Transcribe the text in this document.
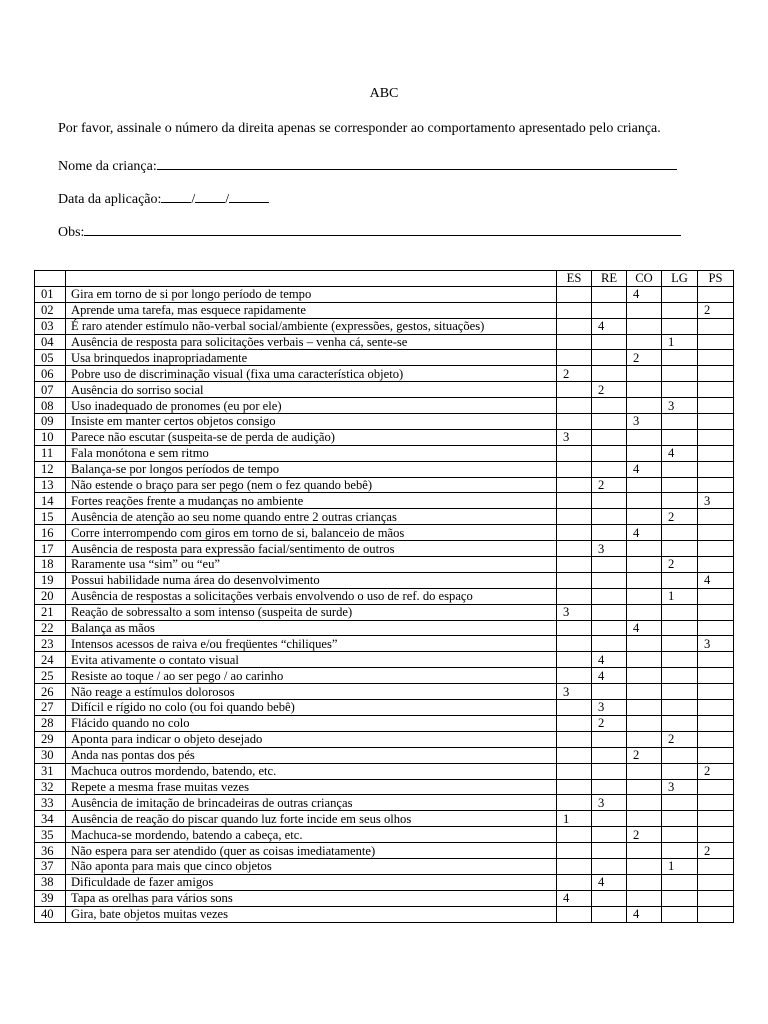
ABC
Por favor, assinale o número da direita apenas se corresponder ao comportamento apresentado pelo criança.
Nome da criança:
Data da aplicação: / /
Obs:
		ES	RE	CO	LG	PS
01	Gira em torno de si por longo período de tempo			4		
02	Aprende uma tarefa, mas esquece rapidamente					2
03	É raro atender estímulo não-verbal social/ambiente (expressões, gestos, situações)		4			
04	Ausência de resposta para solicitações verbais – venha cá, sente-se				1	
05	Usa brinquedos inapropriadamente			2		
06	Pobre uso de discriminação visual (fixa uma característica objeto)	2				
07	Ausência do sorriso social		2			
08	Uso inadequado de pronomes (eu por ele)				3	
09	Insiste em manter certos objetos consigo			3		
10	Parece não escutar (suspeita-se de perda de audição)	3				
11	Fala monótona e sem ritmo				4	
12	Balança-se por longos períodos de tempo			4		
13	Não estende o braço para ser pego (nem o fez quando bebê)		2			
14	Fortes reações frente a mudanças no ambiente					3
15	Ausência de atenção ao seu nome quando entre 2 outras crianças				2	
16	Corre interrompendo com giros em torno de si, balanceio de mãos			4		
17	Ausência de resposta para expressão facial/sentimento de outros		3			
18	Raramente usa “sim” ou “eu”				2	
19	Possui habilidade numa área do desenvolvimento					4
20	Ausência de respostas a solicitações verbais envolvendo o uso de ref. do espaço				1	
21	Reação de sobressalto a som intenso (suspeita de surde)	3				
22	Balança as mãos			4		
23	Intensos acessos de raiva e/ou freqüentes “chiliques”					3
24	Evita ativamente o contato visual		4			
25	Resiste ao toque / ao ser pego / ao carinho		4			
26	Não reage a estímulos dolorosos	3				
27	Difícil e rígido no colo (ou foi quando bebê)		3			
28	Flácido quando no colo		2			
29	Aponta para indicar o objeto desejado				2	
30	Anda nas pontas dos pés			2		
31	Machuca outros mordendo, batendo, etc.					2
32	Repete a mesma frase muitas vezes				3	
33	Ausência de imitação de brincadeiras de outras crianças		3			
34	Ausência de reação do piscar quando luz forte incide em seus olhos	1				
35	Machuca-se mordendo, batendo a cabeça, etc.			2		
36	Não espera para ser atendido (quer as coisas imediatamente)					2
37	Não aponta para mais que cinco objetos				1	
38	Dificuldade de fazer amigos		4			
39	Tapa as orelhas para vários sons	4				
40	Gira, bate objetos muitas vezes			4		
